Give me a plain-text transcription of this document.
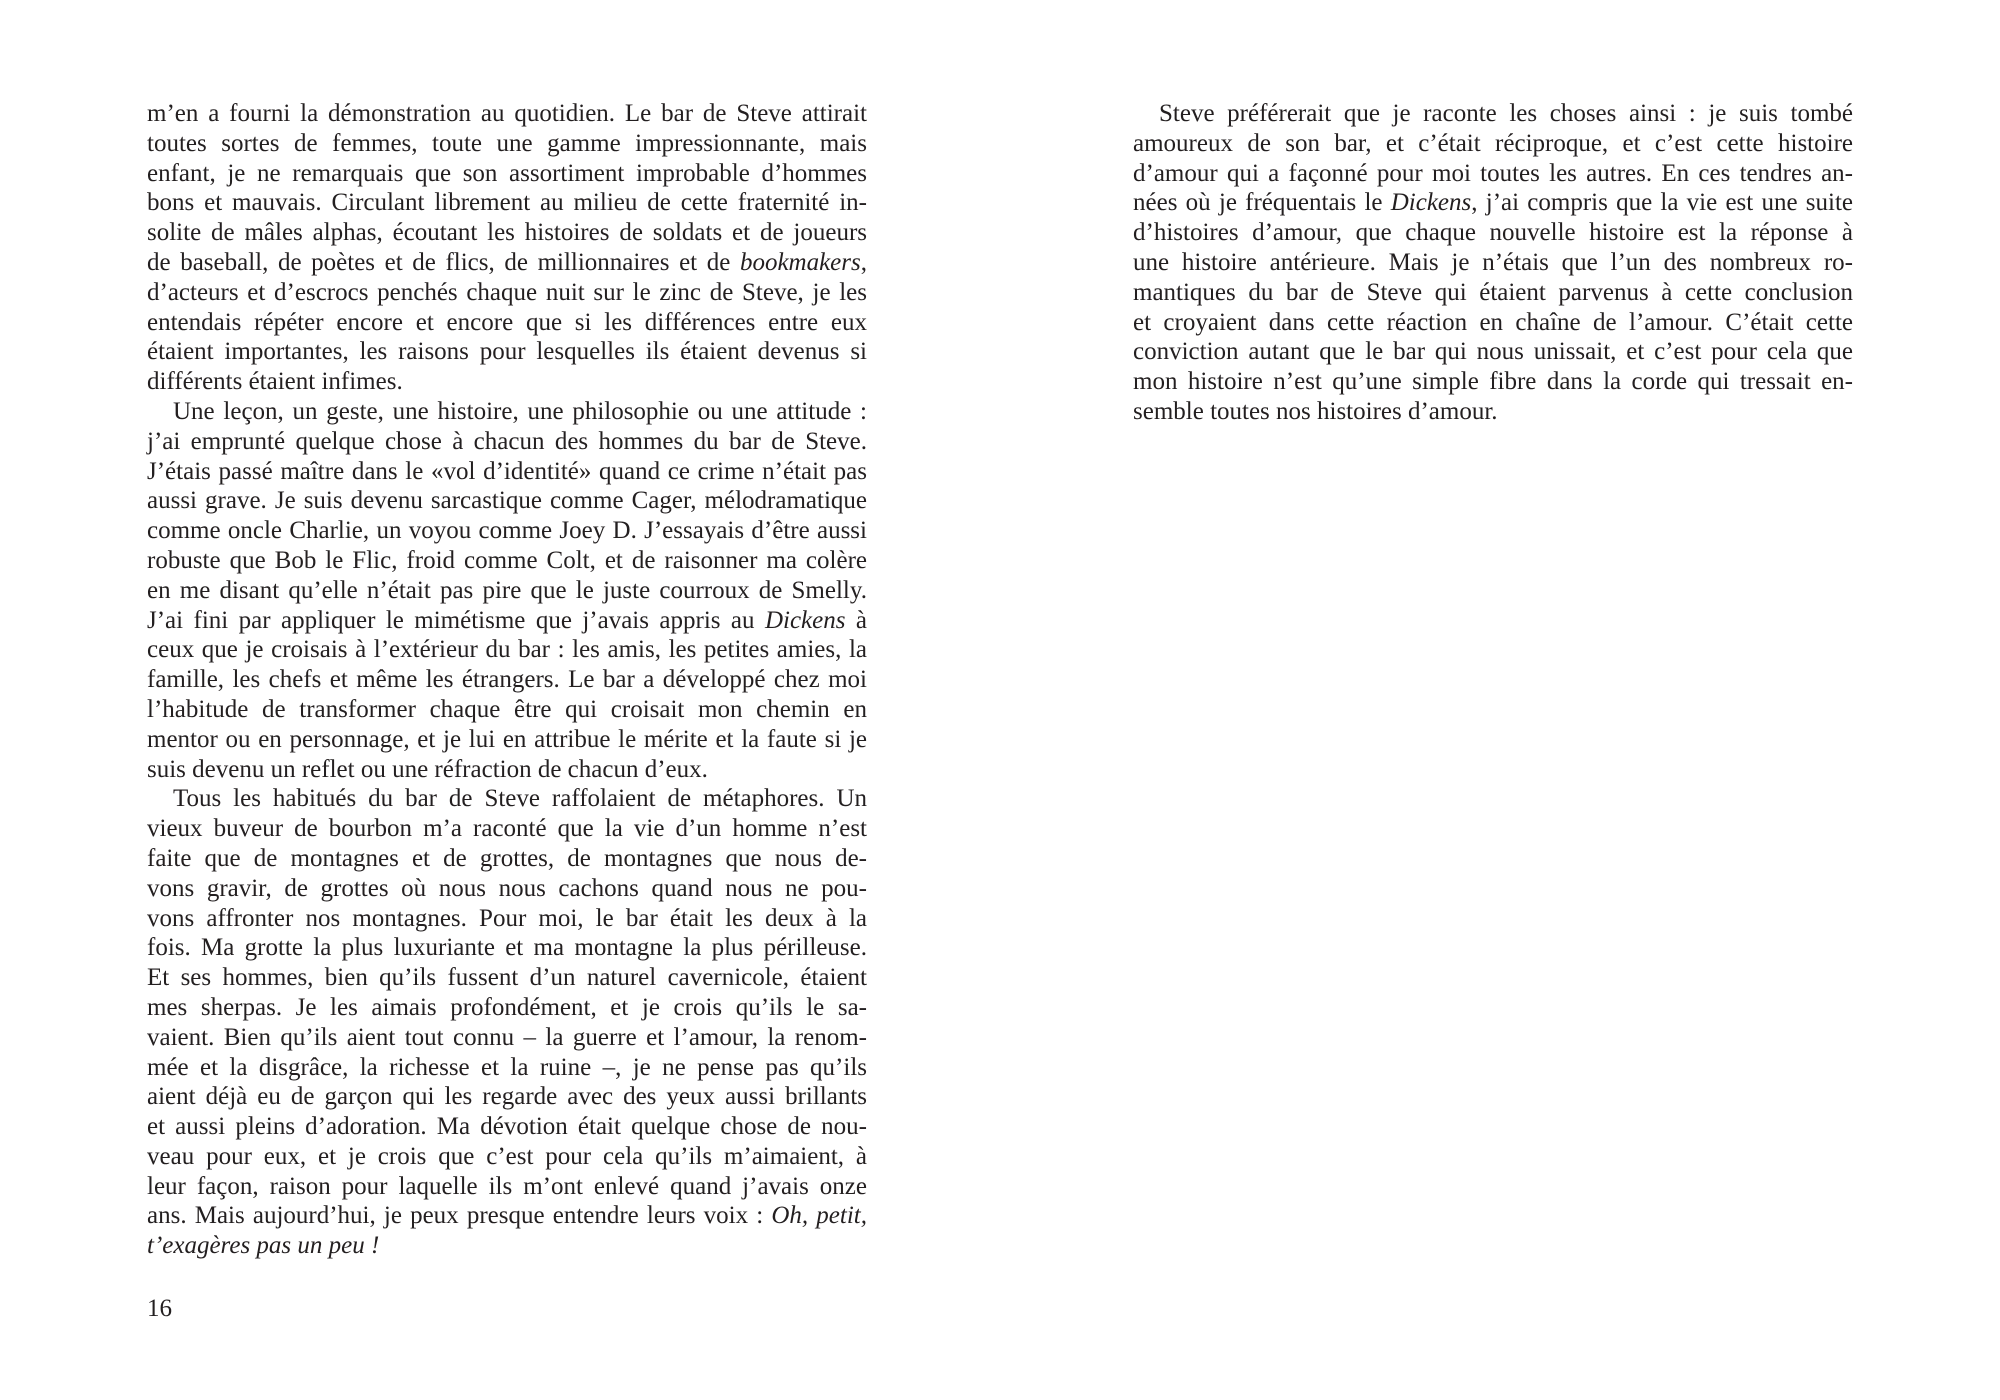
m’en a fourni la démonstration au quotidien. Le bar de Steve attirait
toutes sortes de femmes, toute une gamme impressionnante, mais
enfant, je ne remarquais que son assortiment improbable d’hommes
bons et mauvais. Circulant librement au milieu de cette fraternité in-
solite de mâles alphas, écoutant les histoires de soldats et de joueurs
de baseball, de poètes et de flics, de millionnaires et de bookmakers,
d’acteurs et d’escrocs penchés chaque nuit sur le zinc de Steve, je les
entendais répéter encore et encore que si les différences entre eux
étaient importantes, les raisons pour lesquelles ils étaient devenus si
différents étaient infimes.
Une leçon, un geste, une histoire, une philosophie ou une attitude :
j’ai emprunté quelque chose à chacun des hommes du bar de Steve.
J’étais passé maître dans le «vol d’identité» quand ce crime n’était pas
aussi grave. Je suis devenu sarcastique comme Cager, mélodramatique
comme oncle Charlie, un voyou comme Joey D. J’essayais d’être aussi
robuste que Bob le Flic, froid comme Colt, et de raisonner ma colère
en me disant qu’elle n’était pas pire que le juste courroux de Smelly.
J’ai fini par appliquer le mimétisme que j’avais appris au Dickens à
ceux que je croisais à l’extérieur du bar : les amis, les petites amies, la
famille, les chefs et même les étrangers. Le bar a développé chez moi
l’habitude de transformer chaque être qui croisait mon chemin en
mentor ou en personnage, et je lui en attribue le mérite et la faute si je
suis devenu un reflet ou une réfraction de chacun d’eux.
Tous les habitués du bar de Steve raffolaient de métaphores. Un
vieux buveur de bourbon m’a raconté que la vie d’un homme n’est
faite que de montagnes et de grottes, de montagnes que nous de-
vons gravir, de grottes où nous nous cachons quand nous ne pou-
vons affronter nos montagnes. Pour moi, le bar était les deux à la
fois. Ma grotte la plus luxuriante et ma montagne la plus périlleuse.
Et ses hommes, bien qu’ils fussent d’un naturel cavernicole, étaient
mes sherpas. Je les aimais profondément, et je crois qu’ils le sa-
vaient. Bien qu’ils aient tout connu – la guerre et l’amour, la renom-
mée et la disgrâce, la richesse et la ruine –, je ne pense pas qu’ils
aient déjà eu de garçon qui les regarde avec des yeux aussi brillants
et aussi pleins d’adoration. Ma dévotion était quelque chose de nou-
veau pour eux, et je crois que c’est pour cela qu’ils m’aimaient, à
leur façon, raison pour laquelle ils m’ont enlevé quand j’avais onze
ans. Mais aujourd’hui, je peux presque entendre leurs voix : Oh, petit,
t’exagères pas un peu !
16
Steve préférerait que je raconte les choses ainsi : je suis tombé
amoureux de son bar, et c’était réciproque, et c’est cette histoire
d’amour qui a façonné pour moi toutes les autres. En ces tendres an-
nées où je fréquentais le Dickens, j’ai compris que la vie est une suite
d’histoires d’amour, que chaque nouvelle histoire est la réponse à
une histoire antérieure. Mais je n’étais que l’un des nombreux ro-
mantiques du bar de Steve qui étaient parvenus à cette conclusion
et croyaient dans cette réaction en chaîne de l’amour. C’était cette
conviction autant que le bar qui nous unissait, et c’est pour cela que
mon histoire n’est qu’une simple fibre dans la corde qui tressait en-
semble toutes nos histoires d’amour.
